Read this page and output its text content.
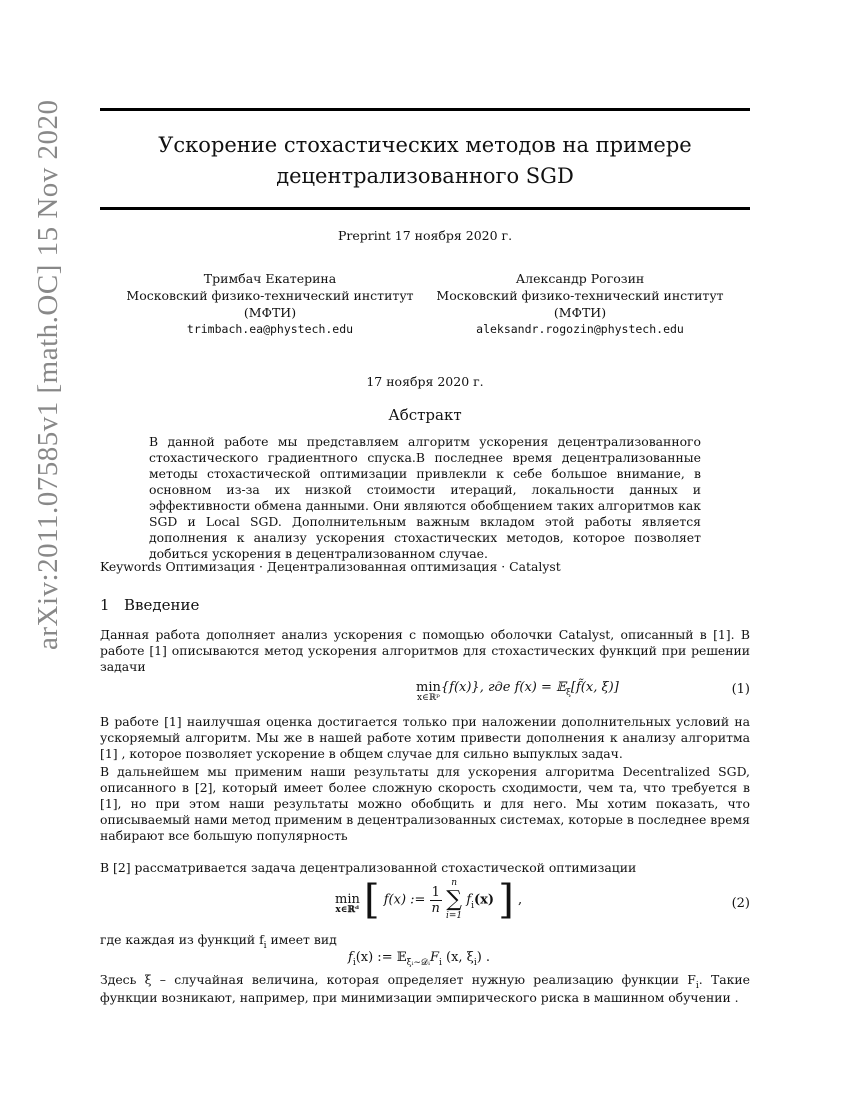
arXiv:2011.07585v1 [math.OC] 15 Nov 2020	Ускорение стохастических методов на примере
децентрализованного SGD
Preprint 17 ноября 2020 г.
Тримбач Екатерина
Московский физико-технический институт
(МФТИ)
trimbach.ea@phystech.edu
Александр Рогозин
Московский физико-технический институт
(МФТИ)
aleksandr.rogozin@phystech.edu
17 ноября 2020 г.
Абстракт
В данной работе мы представляем алгоритм ускорения децентрализованного стохастического градиентного спуска.В последнее время децентрализованные методы стохастической оптимизации привлекли к себе большое внимание, в основном из-за их низкой стоимости итераций, локальности данных и эффективности обмена данными. Они являются обобщением таких алгоритмов как SGD и Local SGD. Дополнительным важным вкладом этой работы является дополнения к анализу ускорения стохастических методов, которое позволяет добиться ускорения в децентрализованном случае.
Keywords Оптимизация · Децентрализованная оптимизация · Catalyst
1 Введение
Данная работа дополняет анализ ускорения с помощью оболочки Catalyst, описанный в [1]. В работе [1] описываются метод ускорения алгоритмов для стохастических функций при решении задачи
min
x∈ℝᵖ
{f(x)}, где f(x) = 𝔼$_\xi$[f̃(x, ξ)]	(1)
В работе [1] наилучшая оценка достигается только при наложении дополнительных условий на ускоряемый алгоритм. Мы же в нашей работе хотим привести дополнения к анализу алгоритма [1] , которое позволяет ускорение в общем случае для сильно выпуклых задач.
В дальнейшем мы применим наши результаты для ускорения алгоритма Decentralized SGD, описанного в [2], который имеет более сложную скорость сходимости, чем та, что требуется в [1], но при этом наши результаты можно обобщить и для него. Мы хотим показать, что описываемый нами метод применим в децентрализованных системах, которые в последнее время набирают все большую популярность
В [2] рассматривается задача децентрализованной стохастической оптимизации
min
x∈ℝᵈ [ f(x) := $\frac{1}{n}$

n
∑
i=1
$f_i(x)$ ] ,	(2)
где каждая из функций $f_i$ имеет вид
$f_i(x)$ := $𝔼_{\xi ᵢ\sim 𝒟ᵢ}F_i$ (x, $\xi_i$) .
Здесь ξ – случайная величина, которая определяет нужную реализацию функции $F_i$. Такие функции возникают, например, при минимизации эмпирического риска в машинном обучении .
